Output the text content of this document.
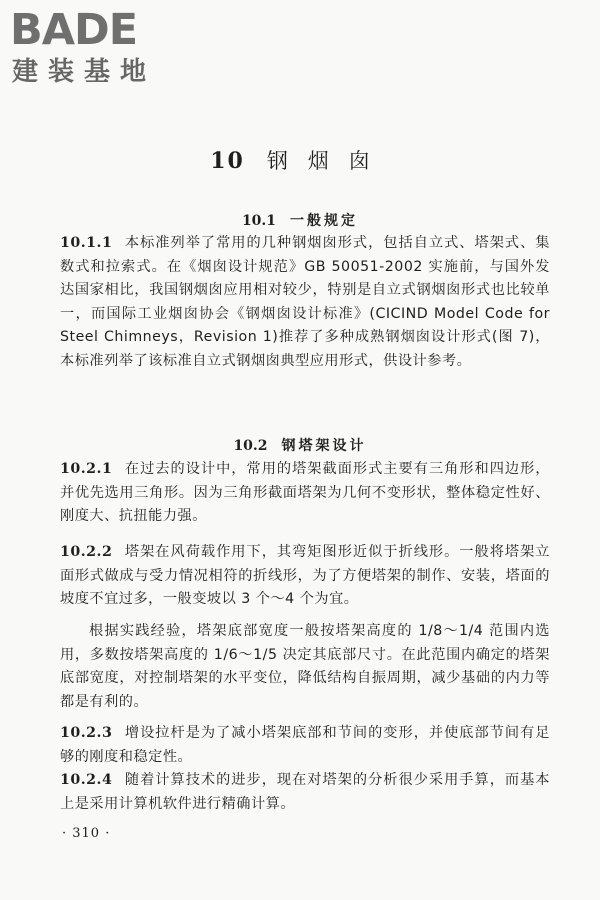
BADE
建装基地
10 钢烟囱
10.1 一般规定

10.1.1 本标准列举了常用的几种钢烟囱形式，包括自立式、塔架式、集数式和拉索式。在《烟囱设计规范》GB 50051-2002 实施前，与国外发达国家相比，我国钢烟囱应用相对较少，特别是自立式钢烟囱形式也比较单一，而国际工业烟囱协会《钢烟囱设计标准》(CICIND Model Code for Steel Chimneys，Revision 1)推荐了多种成熟钢烟囱设计形式(图 7)，本标准列举了该标准自立式钢烟囱典型应用形式，供设计参考。

10.2 钢塔架设计

10.2.1 在过去的设计中，常用的塔架截面形式主要有三角形和四边形，并优先选用三角形。因为三角形截面塔架为几何不变形状，整体稳定性好、刚度大、抗扭能力强。

10.2.2 塔架在风荷载作用下，其弯矩图形近似于折线形。一般将塔架立面形式做成与受力情况相符的折线形，为了方便塔架的制作、安装，塔面的坡度不宜过多，一般变坡以 3 个～4 个为宜。

根据实践经验，塔架底部宽度一般按塔架高度的 1/8～1/4 范围内选用，多数按塔架高度的 1/6～1/5 决定其底部尺寸。在此范围内确定的塔架底部宽度，对控制塔架的水平变位，降低结构自振周期，减少基础的内力等都是有利的。

10.2.3 增设拉杆是为了减小塔架底部和节间的变形，并使底部节间有足够的刚度和稳定性。

10.2.4 随着计算技术的进步，现在对塔架的分析很少采用手算，而基本上是采用计算机软件进行精确计算。

· 310 ·
